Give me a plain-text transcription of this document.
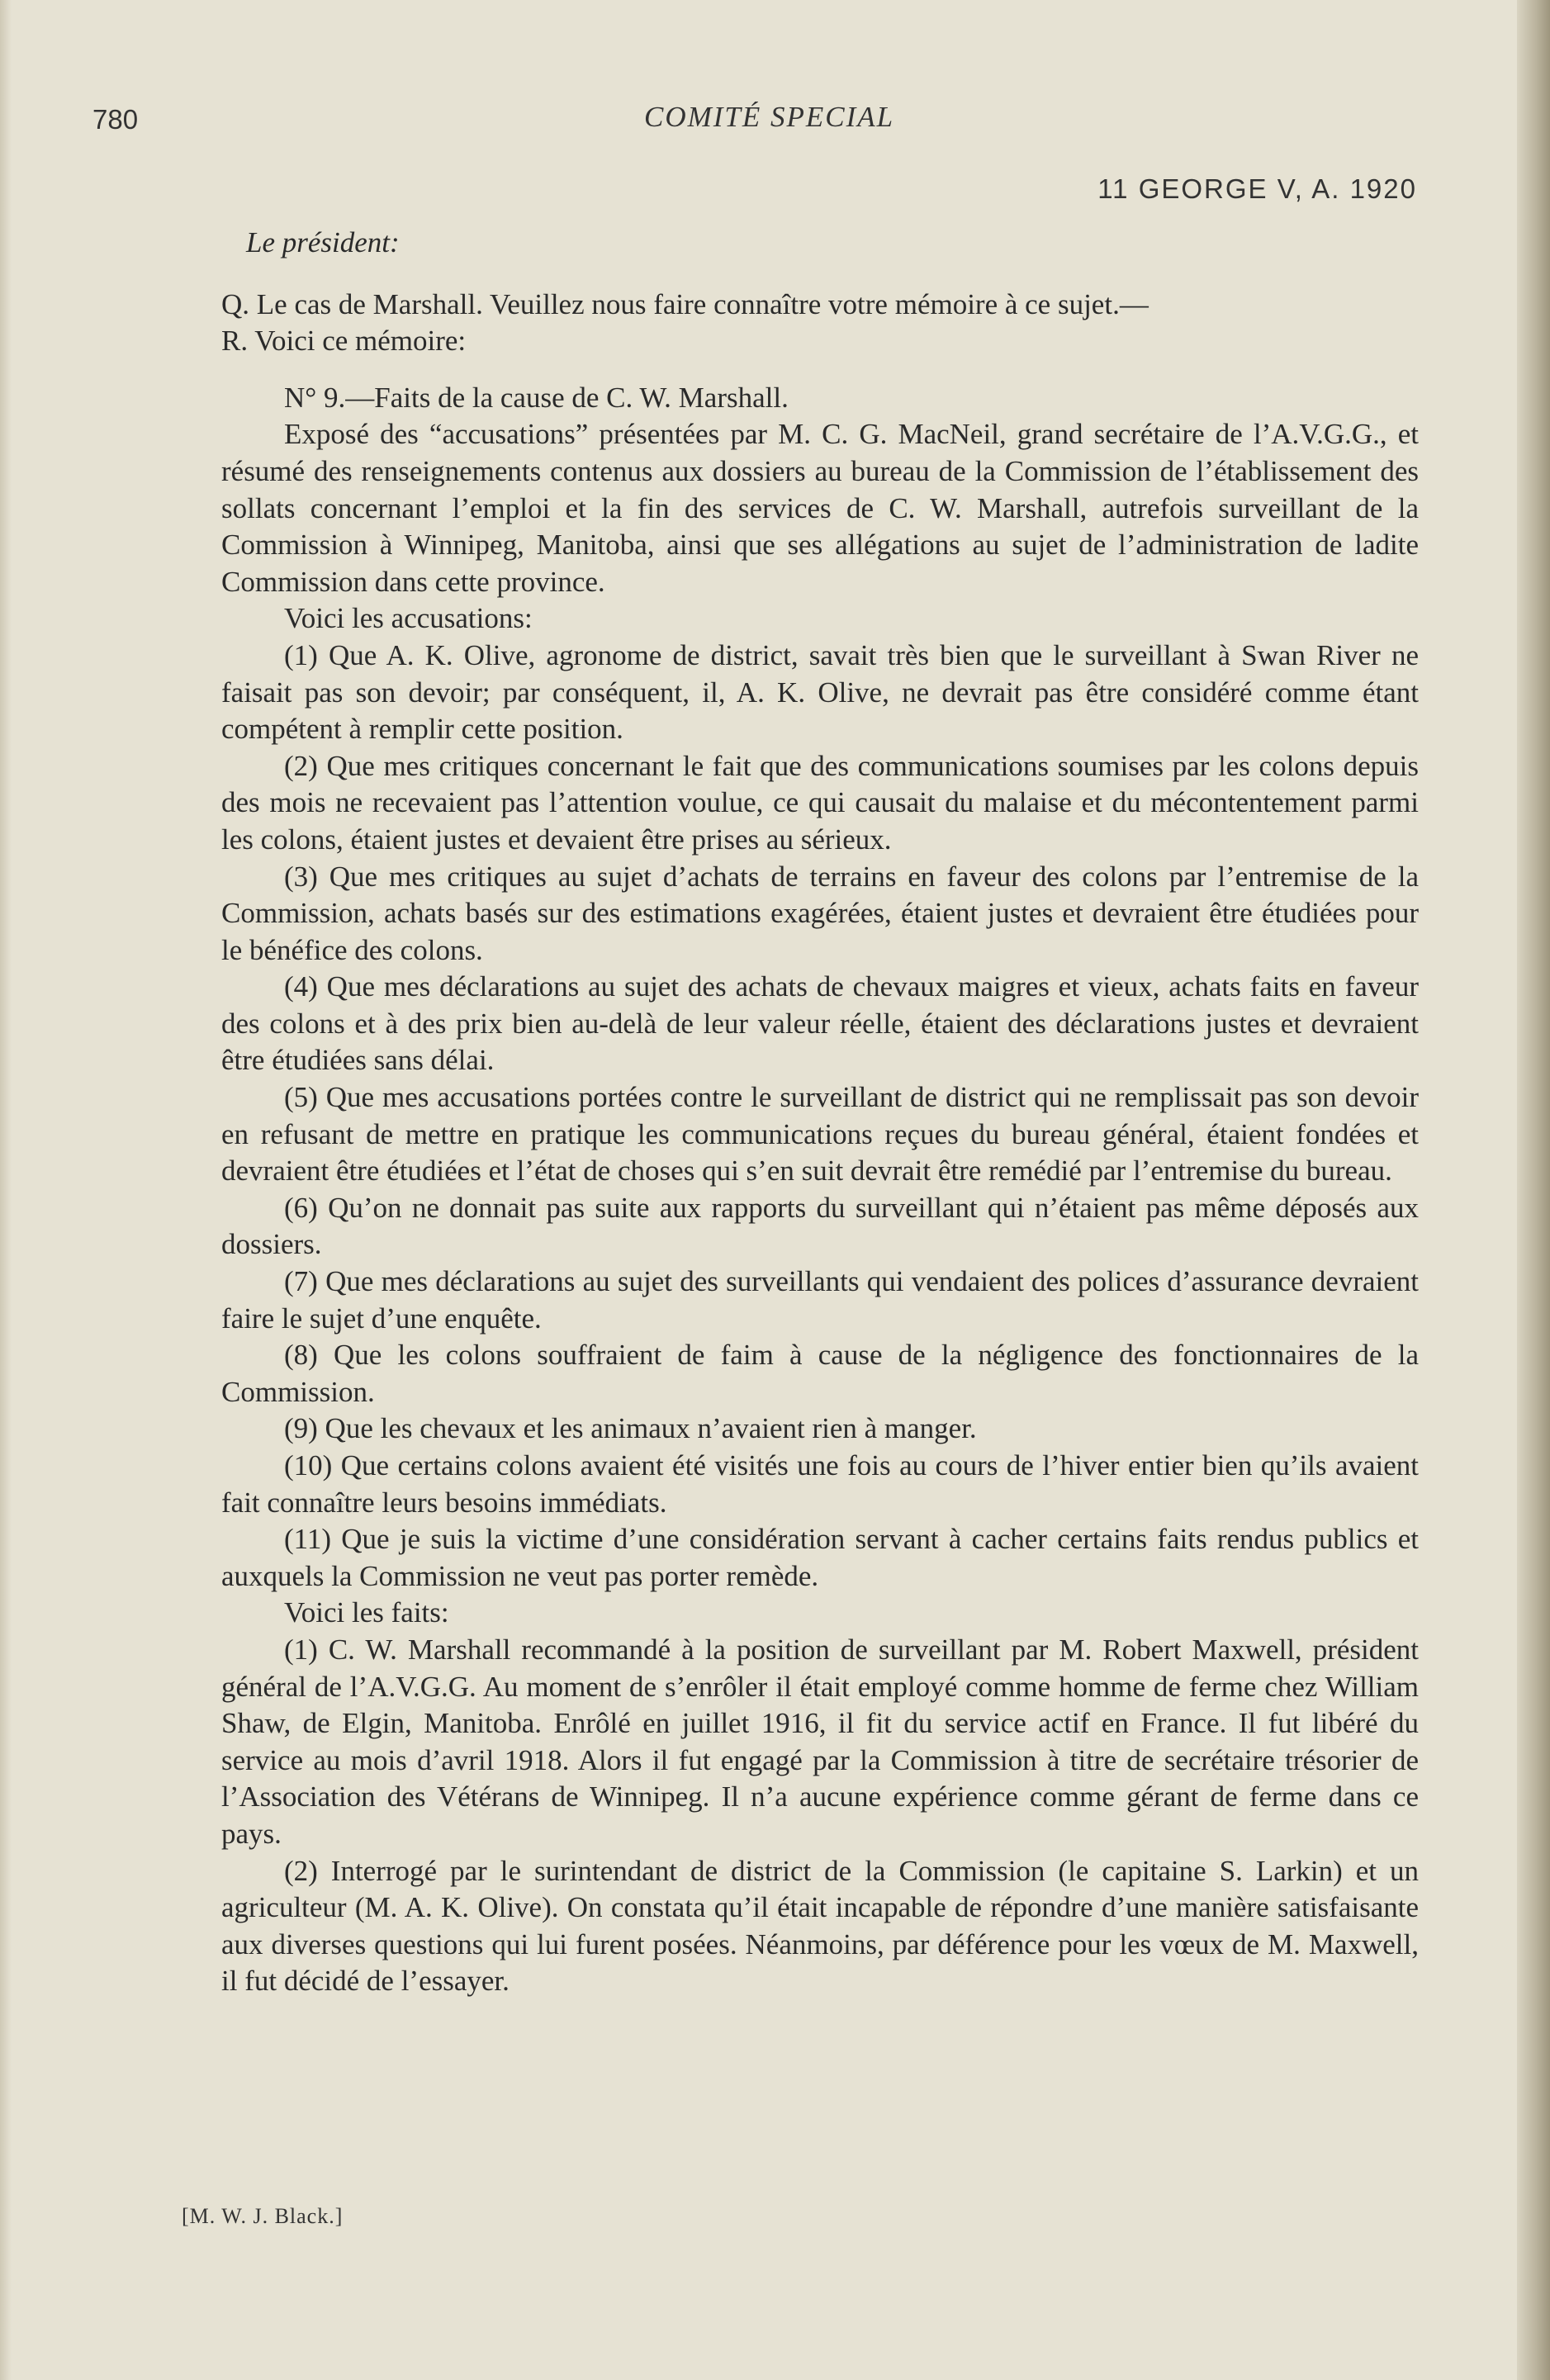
780	COMITÉ SPECIAL
11 GEORGE V, A. 1920

Le président:

Q. Le cas de Marshall. Veuillez nous faire connaître votre mémoire à ce sujet.—

R. Voici ce mémoire:

N° 9.—Faits de la cause de C. W. Marshall.

Exposé des “accusations” présentées par M. C. G. MacNeil, grand secrétaire de l’A.V.G.G., et résumé des renseignements contenus aux dossiers au bureau de la Commission de l’établissement des sollats concernant l’emploi et la fin des services de C. W. Marshall, autrefois surveillant de la Commission à Winnipeg, Manitoba, ainsi que ses allégations au sujet de l’administration de ladite Commission dans cette province.

Voici les accusations:

(1) Que A. K. Olive, agronome de district, savait très bien que le surveillant à Swan River ne faisait pas son devoir; par conséquent, il, A. K. Olive, ne devrait pas être considéré comme étant compétent à remplir cette position.

(2) Que mes critiques concernant le fait que des communications soumises par les colons depuis des mois ne recevaient pas l’attention voulue, ce qui causait du malaise et du mécontentement parmi les colons, étaient justes et devaient être prises au sérieux.

(3) Que mes critiques au sujet d’achats de terrains en faveur des colons par l’entremise de la Commission, achats basés sur des estimations exagérées, étaient justes et devraient être étudiées pour le bénéfice des colons.

(4) Que mes déclarations au sujet des achats de chevaux maigres et vieux, achats faits en faveur des colons et à des prix bien au-delà de leur valeur réelle, étaient des déclarations justes et devraient être étudiées sans délai.

(5) Que mes accusations portées contre le surveillant de district qui ne remplissait pas son devoir en refusant de mettre en pratique les communications reçues du bureau général, étaient fondées et devraient être étudiées et l’état de choses qui s’en suit devrait être remédié par l’entremise du bureau.

(6) Qu’on ne donnait pas suite aux rapports du surveillant qui n’étaient pas même déposés aux dossiers.

(7) Que mes déclarations au sujet des surveillants qui vendaient des polices d’assurance devraient faire le sujet d’une enquête.

(8) Que les colons souffraient de faim à cause de la négligence des fonctionnaires de la Commission.

(9) Que les chevaux et les animaux n’avaient rien à manger.

(10) Que certains colons avaient été visités une fois au cours de l’hiver entier bien qu’ils avaient fait connaître leurs besoins immédiats.

(11) Que je suis la victime d’une considération servant à cacher certains faits rendus publics et auxquels la Commission ne veut pas porter remède.

Voici les faits:

(1) C. W. Marshall recommandé à la position de surveillant par M. Robert Maxwell, président général de l’A.V.G.G. Au moment de s’enrôler il était employé comme homme de ferme chez William Shaw, de Elgin, Manitoba. Enrôlé en juillet 1916, il fit du service actif en France. Il fut libéré du service au mois d’avril 1918. Alors il fut engagé par la Commission à titre de secrétaire trésorier de l’Association des Vétérans de Winnipeg. Il n’a aucune expérience comme gérant de ferme dans ce pays.

(2) Interrogé par le surintendant de district de la Commission (le capitaine S. Larkin) et un agriculteur (M. A. K. Olive). On constata qu’il était incapable de répondre d’une manière satisfaisante aux diverses questions qui lui furent posées. Néanmoins, par déférence pour les vœux de M. Maxwell, il fut décidé de l’essayer.

[M. W. J. Black.]
